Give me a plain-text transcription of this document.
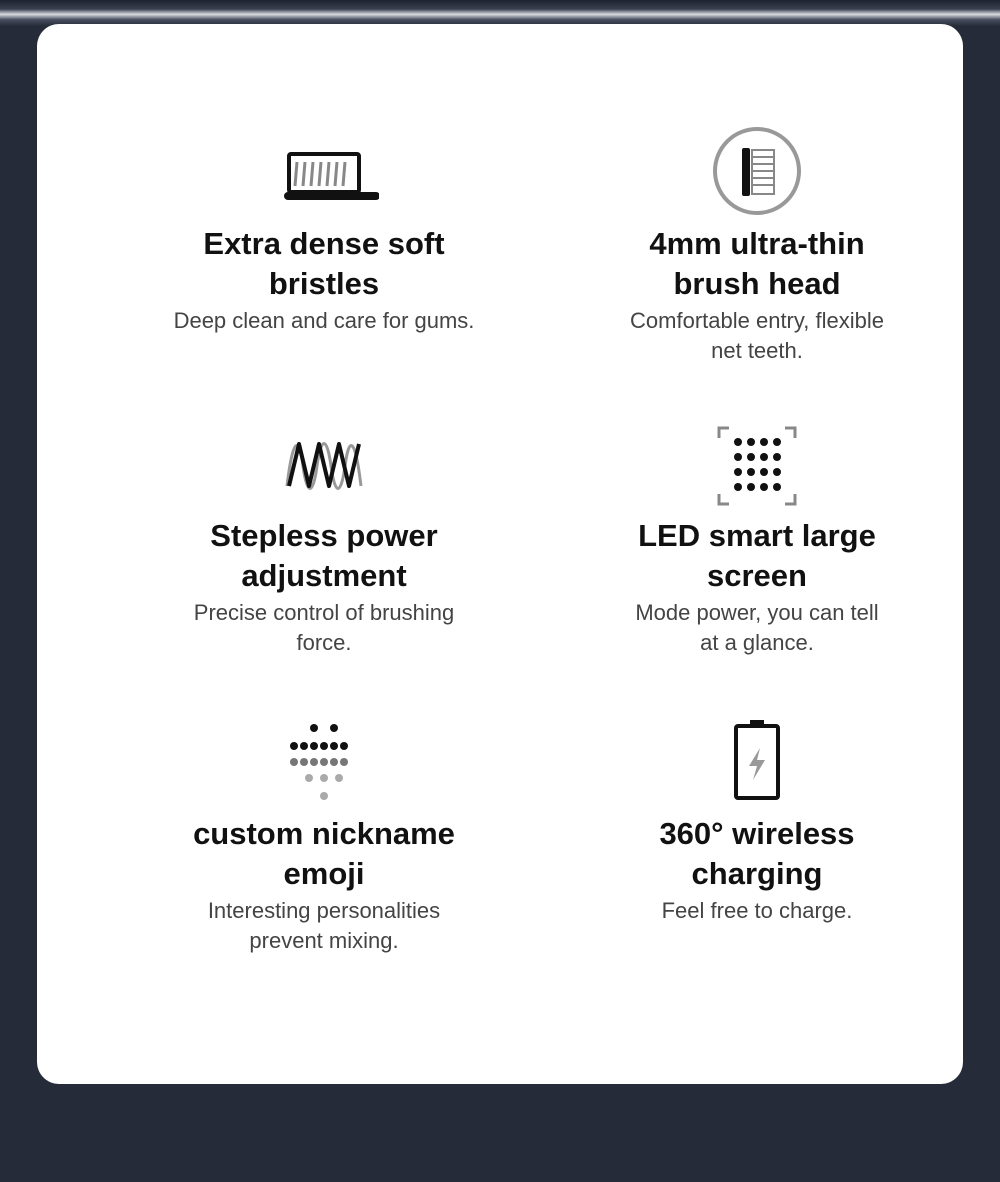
Extra dense soft
bristles

Deep clean and care for gums.

4mm ultra-thin
brush head

Comfortable entry, flexible
net teeth.

Stepless power
adjustment

Precise control of brushing
force.

LED smart large
screen

Mode power, you can tell
at a glance.

custom nickname
emoji

Interesting personalities
prevent mixing.

360° wireless
charging

Feel free to charge.
